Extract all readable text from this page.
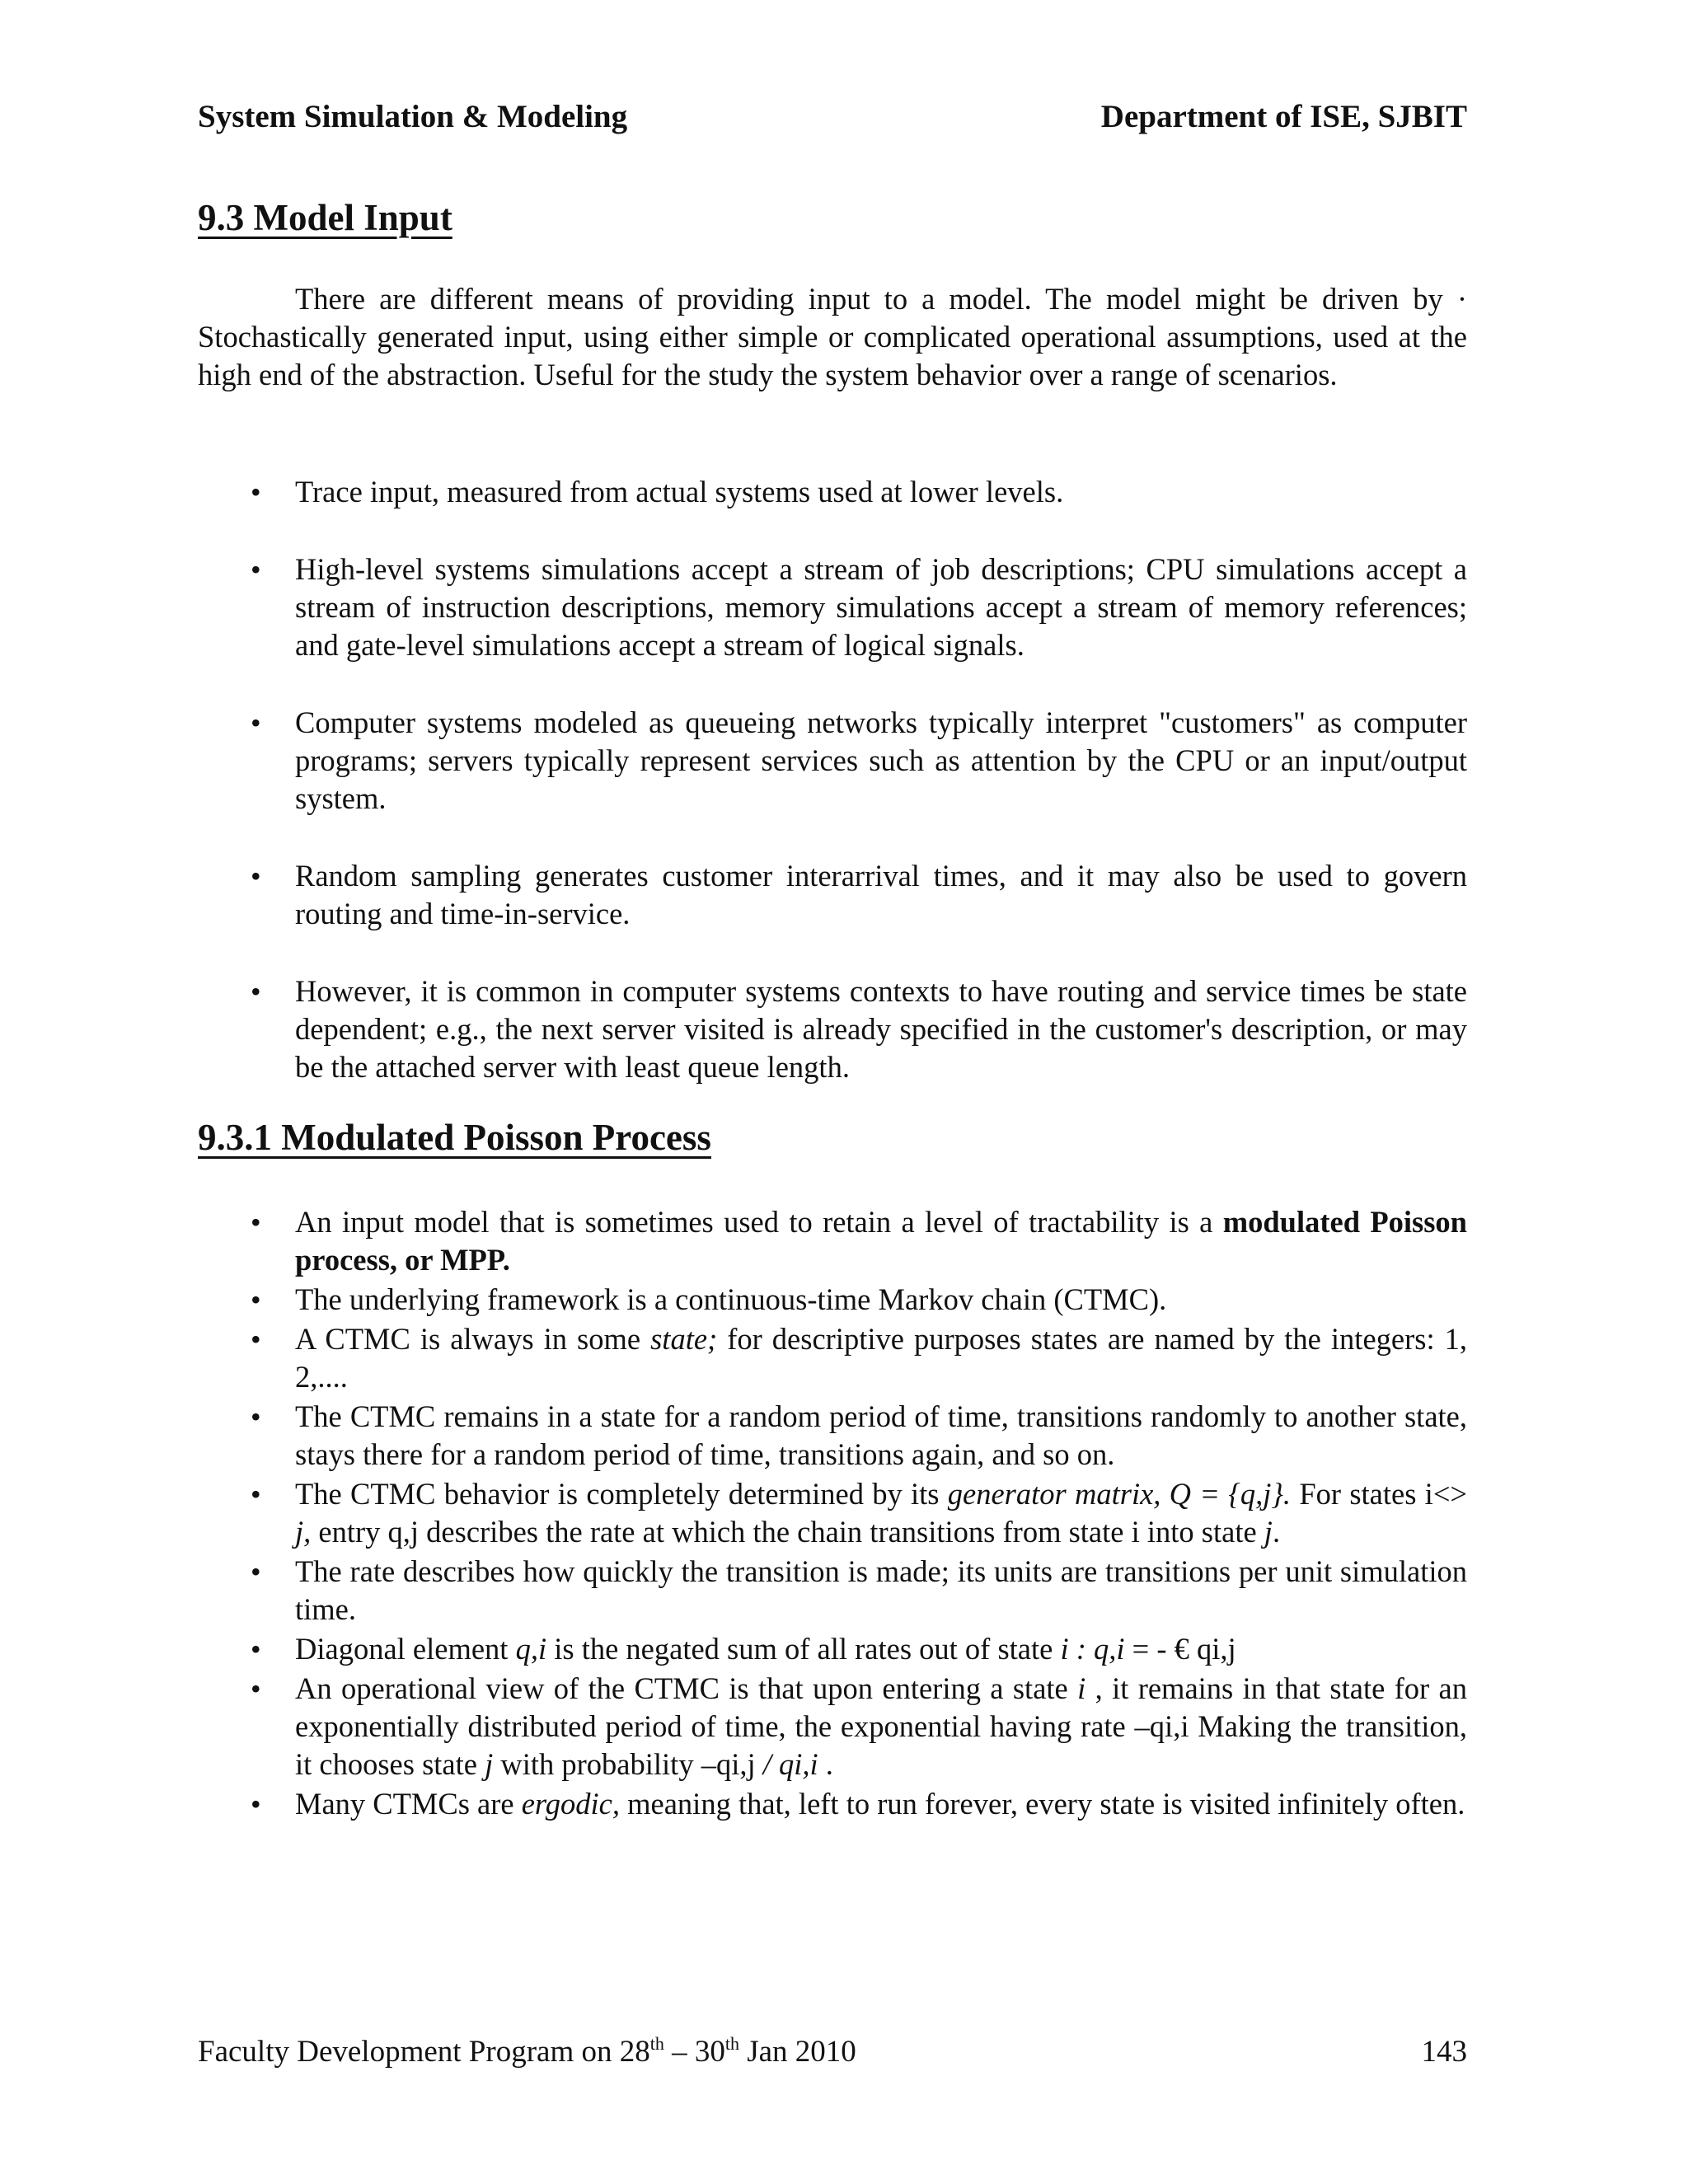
System Simulation & Modeling	Department of ISE, SJBIT
9.3 Model Input

There are different means of providing input to a model. The model might be driven by · Stochastically generated input, using either simple or complicated operational assumptions, used at the high end of the abstraction. Useful for the study the system behavior over a range of scenarios.

• Trace input, measured from actual systems used at lower levels.
• High-level systems simulations accept a stream of job descriptions; CPU simulations accept a stream of instruction descriptions, memory simulations accept a stream of memory references; and gate-level simulations accept a stream of logical signals.
• Computer systems modeled as queueing networks typically interpret "customers" as computer programs; servers typically represent services such as attention by the CPU or an input/output system.
• Random sampling generates customer interarrival times, and it may also be used to govern routing and time-in-service.
• However, it is common in computer systems contexts to have routing and service times be state dependent; e.g., the next server visited is already specified in the customer's description, or may be the attached server with least queue length.
9.3.1 Modulated Poisson Process
• An input model that is sometimes used to retain a level of tractability is a modulated Poisson process, or MPP.
• The underlying framework is a continuous-time Markov chain (CTMC).
• A CTMC is always in some state; for descriptive purposes states are named by the integers: 1, 2,....
• The CTMC remains in a state for a random period of time, transitions randomly to another state, stays there for a random period of time, transitions again, and so on.
• The CTMC behavior is completely determined by its generator matrix, Q = {q,j}. For states i<> j, entry q,j describes the rate at which the chain transitions from state i into state j.
• The rate describes how quickly the transition is made; its units are transitions per unit simulation time.
• Diagonal element q,i is the negated sum of all rates out of state i : q,i = - € qi,j
• An operational view of the CTMC is that upon entering a state i , it remains in that state for an exponentially distributed period of time, the exponential having rate –qi,i Making the transition, it chooses state j with probability –qi,j / qi,i .
• Many CTMCs are ergodic, meaning that, left to run forever, every state is visited infinitely often.
Faculty Development Program on 28th – 30th Jan 2010	143
